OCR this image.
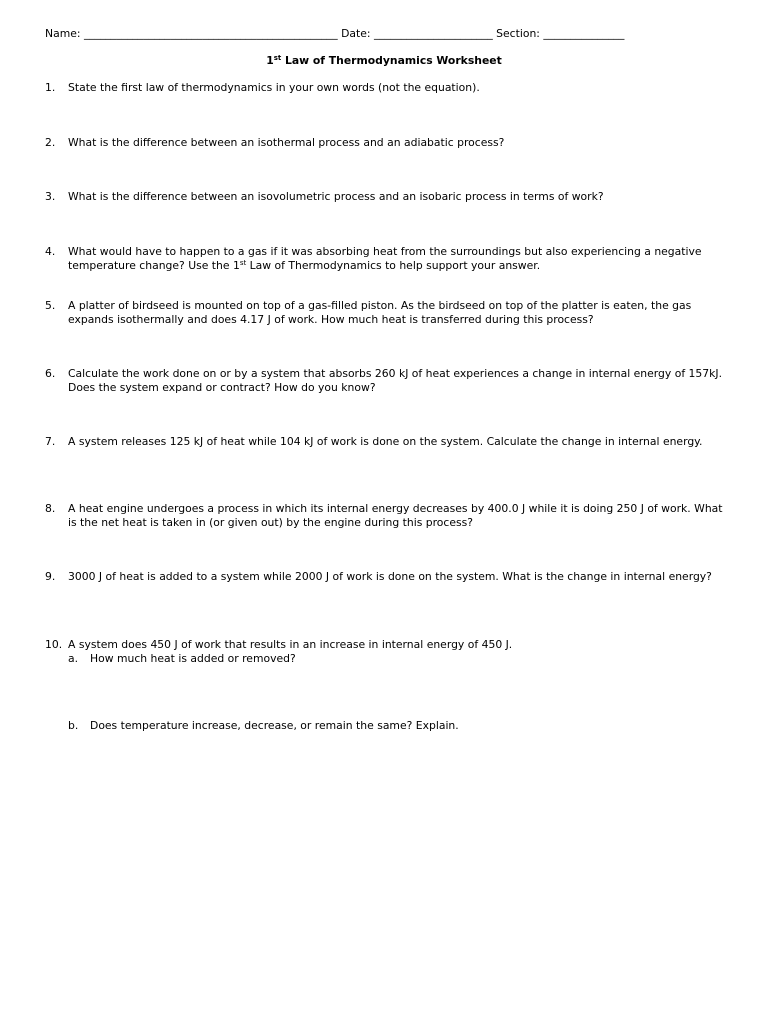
Name: _______________________________________________ Date: ______________________ Section: _______________
1st Law of Thermodynamics Worksheet
1.	State the first law of thermodynamics in your own words (not the equation).
2.	What is the difference between an isothermal process and an adiabatic process?
3.	What is the difference between an isovolumetric process and an isobaric process in terms of work?
4.	What would have to happen to a gas if it was absorbing heat from the surroundings but also experiencing a negative temperature change? Use the 1st Law of Thermodynamics to help support your answer.
5.	A platter of birdseed is mounted on top of a gas-filled piston. As the birdseed on top of the platter is eaten, the gas expands isothermally and does 4.17 J of work. How much heat is transferred during this process?
6.	Calculate the work done on or by a system that absorbs 260 kJ of heat experiences a change in internal energy of 157kJ. Does the system expand or contract? How do you know?
7.	A system releases 125 kJ of heat while 104 kJ of work is done on the system. Calculate the change in internal energy.
8.	A heat engine undergoes a process in which its internal energy decreases by 400.0 J while it is doing 250 J of work. What is the net heat is taken in (or given out) by the engine during this process?
9.	3000 J of heat is added to a system while 2000 J of work is done on the system. What is the change in internal energy?
10. A system does 450 J of work that results in an increase in internal energy of 450 J.
a.	How much heat is added or removed?
b.	Does temperature increase, decrease, or remain the same? Explain.
